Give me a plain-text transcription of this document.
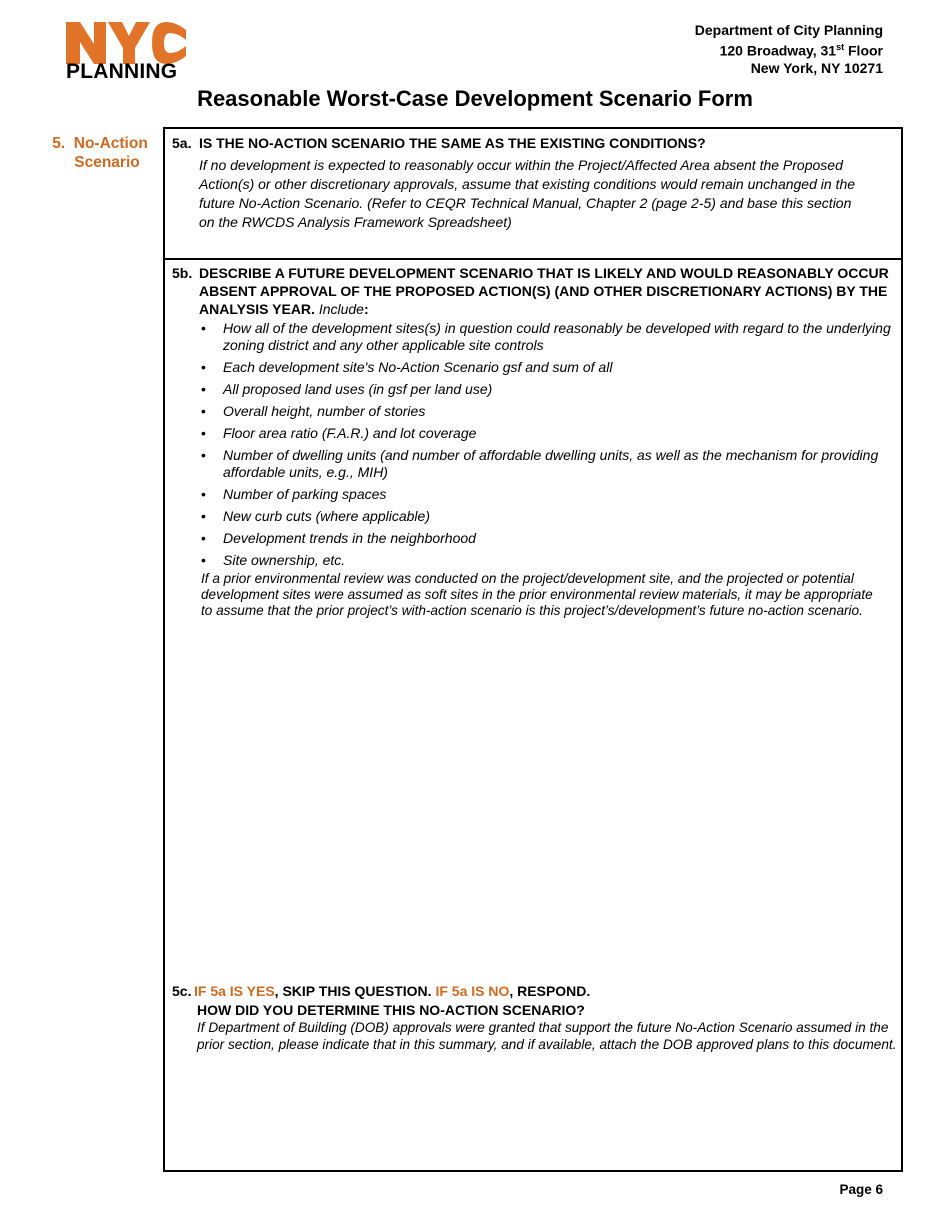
PLANNING
Department of City Planning
120 Broadway, 31st Floor
New York, NY 10271
Reasonable Worst-Case Development Scenario Form
5. No-Action
Scenario
5a. IS THE NO-ACTION SCENARIO THE SAME AS THE EXISTING CONDITIONS?
If no development is expected to reasonably occur within the Project/Affected Area absent the Proposed
Action(s) or other discretionary approvals, assume that existing conditions would remain unchanged in the
future No-Action Scenario. (Refer to CEQR Technical Manual, Chapter 2 (page 2-5) and base this section
on the RWCDS Analysis Framework Spreadsheet)
5b. DESCRIBE A FUTURE DEVELOPMENT SCENARIO THAT IS LIKELY AND WOULD REASONABLY OCCUR
ABSENT APPROVAL OF THE PROPOSED ACTION(S) (AND OTHER DISCRETIONARY ACTIONS) BY THE
ANALYSIS YEAR. Include:
• How all of the development sites(s) in question could reasonably be developed with regard to the underlying zoning district and any other applicable site controls
• Each development site's No-Action Scenario gsf and sum of all
• All proposed land uses (in gsf per land use)
• Overall height, number of stories
• Floor area ratio (F.A.R.) and lot coverage
• Number of dwelling units (and number of affordable dwelling units, as well as the mechanism for providing affordable units, e.g., MIH)
• Number of parking spaces
• New curb cuts (where applicable)
• Development trends in the neighborhood
• Site ownership, etc.
If a prior environmental review was conducted on the project/development site, and the projected or potential
development sites were assumed as soft sites in the prior environmental review materials, it may be appropriate
to assume that the prior project’s with-action scenario is this project’s/development’s future no-action scenario.
5c. IF 5a IS YES, SKIP THIS QUESTION. IF 5a IS NO, RESPOND.
HOW DID YOU DETERMINE THIS NO-ACTION SCENARIO?
If Department of Building (DOB) approvals were granted that support the future No-Action Scenario assumed in the
prior section, please indicate that in this summary, and if available, attach the DOB approved plans to this document.
Page 6
